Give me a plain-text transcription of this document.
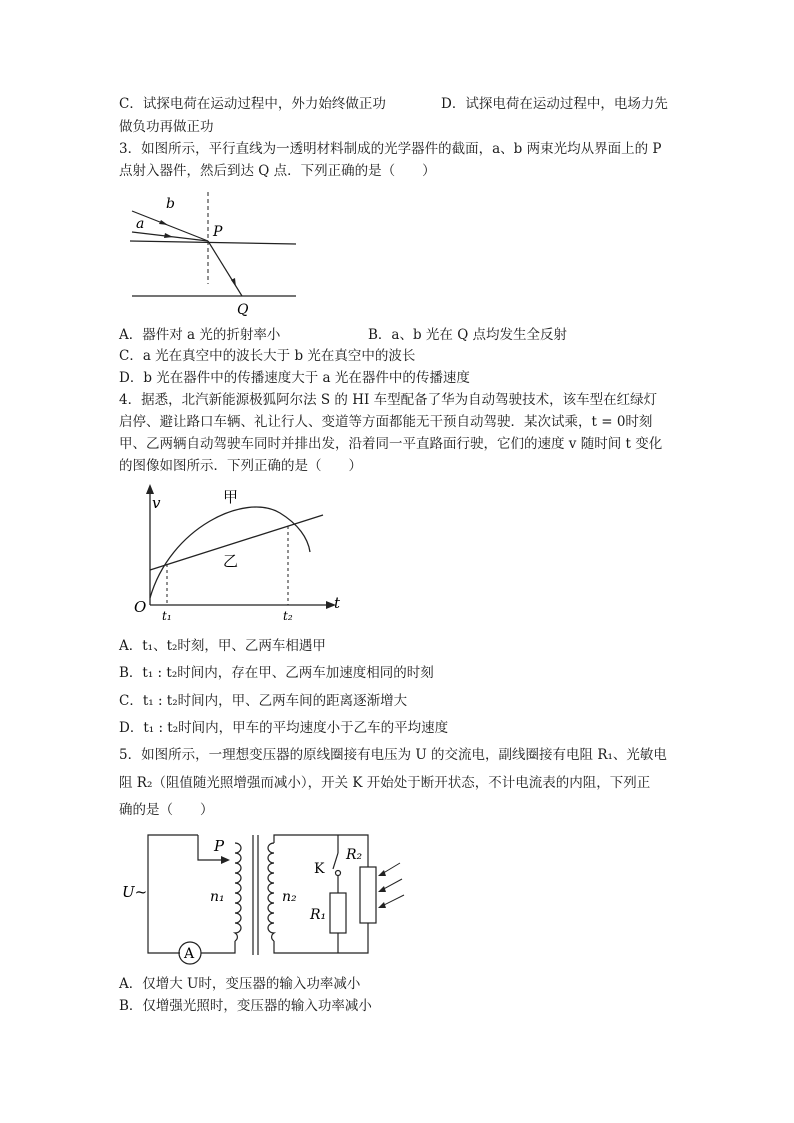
C．试探电荷在运动过程中，外力始终做正功	D．试探电荷在运动过程中，电场力先
做负功再做正功
3．如图所示，平行直线为一透明材料制成的光学器件的截面，a、b 两束光均从界面上的 P
点射入器件，然后到达 Q 点．下列正确的是（　　）
b
a	P
Q
A．器件对 a 光的折射率小	B．a、b 光在 Q 点均发生全反射
C．a 光在真空中的波长大于 b 光在真空中的波长
D．b 光在器件中的传播速度大于 a 光在器件中的传播速度
4．据悉，北汽新能源极狐阿尔法 S 的 HI 车型配备了华为自动驾驶技术，该车型在红绿灯
启停、避让路口车辆、礼让行人、变道等方面都能无干预自动驾驶．某次试乘，t = 0时刻
甲、乙两辆自动驾驶车同时并排出发，沿着同一平直路面行驶，它们的速度 v 随时间 t 变化
的图像如图所示．下列正确的是（　　）
v
t
O t₁	t₂
甲
乙
A．t₁、t₂时刻，甲、乙两车相遇甲
B．t₁ : t₂时间内，存在甲、乙两车加速度相同的时刻
C．t₁ : t₂时间内，甲、乙两车间的距离逐渐增大
D．t₁ : t₂时间内，甲车的平均速度小于乙车的平均速度
5．如图所示，一理想变压器的原线圈接有电压为 U 的交流电，副线圈接有电阻 R₁、光敏电
阻 R₂（阻值随光照增强而减小），开关 K 开始处于断开状态，不计电流表的内阻，下列正
确的是（　　）
A
U~
P
n₁	n₂
K
R₁
R₂
A．仅增大 U时，变压器的输入功率减小
B．仅增强光照时，变压器的输入功率减小
